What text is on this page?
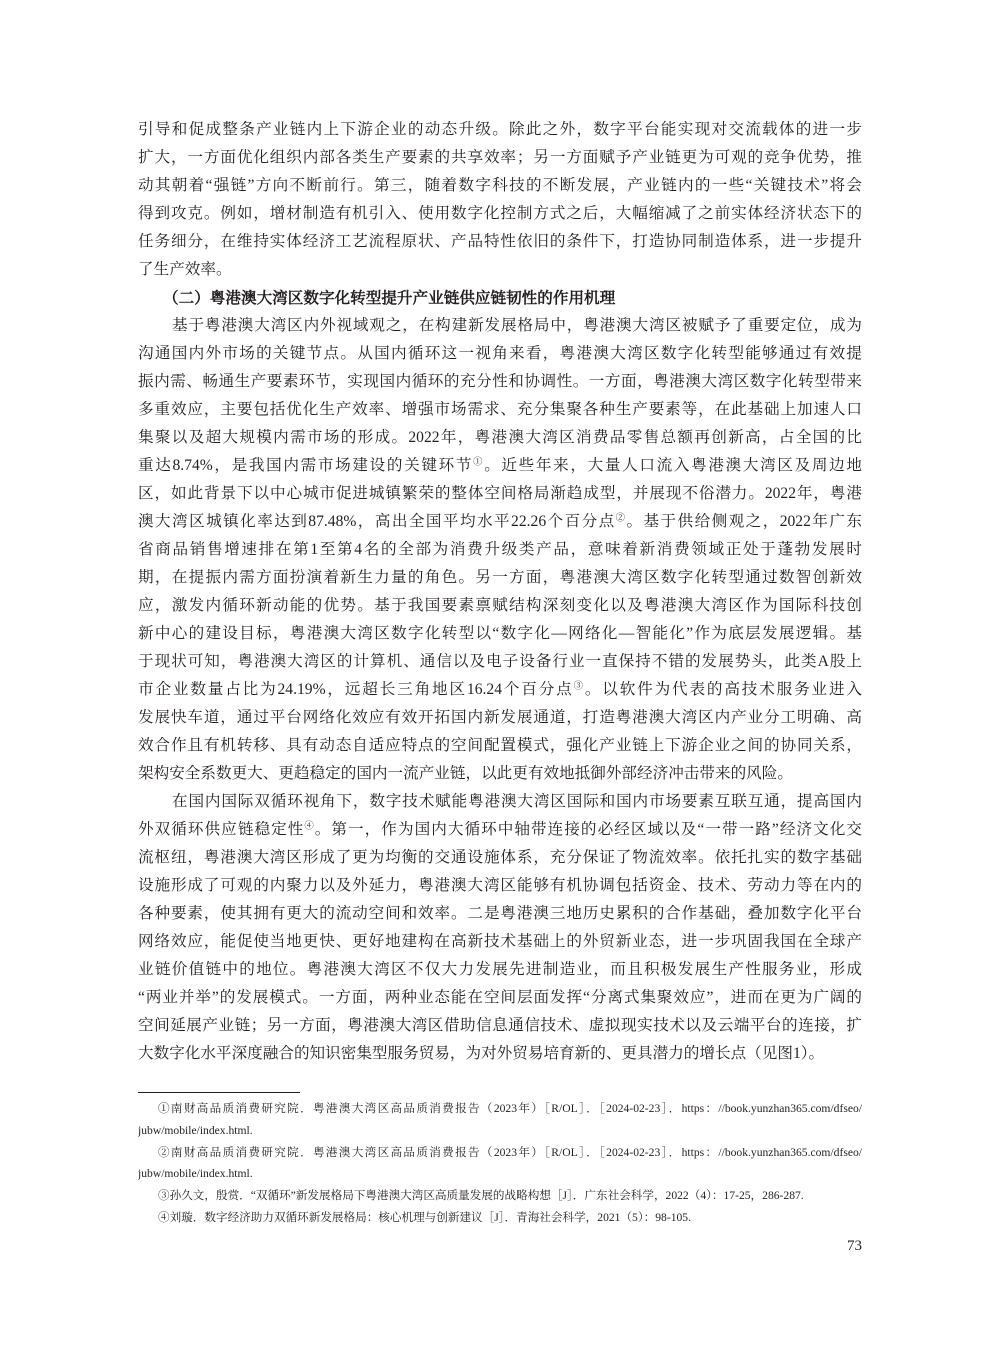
引导和促成整条产业链内上下游企业的动态升级。除此之外，数字平台能实现对交流载体的进一步
扩大，一方面优化组织内部各类生产要素的共享效率；另一方面赋予产业链更为可观的竞争优势，推
动其朝着“强链”方向不断前行。第三，随着数字科技的不断发展，产业链内的一些“关键技术”将会
得到攻克。例如，增材制造有机引入、使用数字化控制方式之后，大幅缩减了之前实体经济状态下的
任务细分，在维持实体经济工艺流程原状、产品特性依旧的条件下，打造协同制造体系，进一步提升
了生产效率。
（二）粤港澳大湾区数字化转型提升产业链供应链韧性的作用机理
基于粤港澳大湾区内外视域观之，在构建新发展格局中，粤港澳大湾区被赋予了重要定位，成为
沟通国内外市场的关键节点。从国内循环这一视角来看，粤港澳大湾区数字化转型能够通过有效提
振内需、畅通生产要素环节，实现国内循环的充分性和协调性。一方面，粤港澳大湾区数字化转型带来
多重效应，主要包括优化生产效率、增强市场需求、充分集聚各种生产要素等，在此基础上加速人口
集聚以及超大规模内需市场的形成。2022年，粤港澳大湾区消费品零售总额再创新高，占全国的比
重达8.74%，是我国内需市场建设的关键环节①。近些年来，大量人口流入粤港澳大湾区及周边地
区，如此背景下以中心城市促进城镇繁荣的整体空间格局渐趋成型，并展现不俗潜力。2022年，粤港
澳大湾区城镇化率达到87.48%，高出全国平均水平22.26个百分点②。基于供给侧观之，2022年广东
省商品销售增速排在第1至第4名的全部为消费升级类产品，意味着新消费领域正处于蓬勃发展时
期，在提振内需方面扮演着新生力量的角色。另一方面，粤港澳大湾区数字化转型通过数智创新效
应，激发内循环新动能的优势。基于我国要素禀赋结构深刻变化以及粤港澳大湾区作为国际科技创
新中心的建设目标，粤港澳大湾区数字化转型以“数字化—网络化—智能化”作为底层发展逻辑。基
于现状可知，粤港澳大湾区的计算机、通信以及电子设备行业一直保持不错的发展势头，此类A股上
市企业数量占比为24.19%，远超长三角地区16.24个百分点③。以软件为代表的高技术服务业进入
发展快车道，通过平台网络化效应有效开拓国内新发展通道，打造粤港澳大湾区内产业分工明确、高
效合作且有机转移、具有动态自适应特点的空间配置模式，强化产业链上下游企业之间的协同关系，
架构安全系数更大、更趋稳定的国内一流产业链，以此更有效地抵御外部经济冲击带来的风险。
在国内国际双循环视角下，数字技术赋能粤港澳大湾区国际和国内市场要素互联互通，提高国内
外双循环供应链稳定性④。第一，作为国内大循环中轴带连接的必经区域以及“一带一路”经济文化交
流枢纽，粤港澳大湾区形成了更为均衡的交通设施体系，充分保证了物流效率。依托扎实的数字基础
设施形成了可观的内聚力以及外延力，粤港澳大湾区能够有机协调包括资金、技术、劳动力等在内的
各种要素，使其拥有更大的流动空间和效率。二是粤港澳三地历史累积的合作基础，叠加数字化平台
网络效应，能促使当地更快、更好地建构在高新技术基础上的外贸新业态，进一步巩固我国在全球产
业链价值链中的地位。粤港澳大湾区不仅大力发展先进制造业，而且积极发展生产性服务业，形成
“两业并举”的发展模式。一方面，两种业态能在空间层面发挥“分离式集聚效应”，进而在更为广阔的
空间延展产业链；另一方面，粤港澳大湾区借助信息通信技术、虚拟现实技术以及云端平台的连接，扩
大数字化水平深度融合的知识密集型服务贸易，为对外贸易培育新的、更具潜力的增长点（见图1）。
①南财高品质消费研究院．粤港澳大湾区高品质消费报告（2023年）［R/OL］．［2024-02-23］．https：//book.yunzhan365.com/dfseo/
jubw/mobile/index.html.
②南财高品质消费研究院．粤港澳大湾区高品质消费报告（2023年）［R/OL］．［2024-02-23］．https：//book.yunzhan365.com/dfseo/
jubw/mobile/index.html.
③孙久文，殷赏．“双循环”新发展格局下粤港澳大湾区高质量发展的战略构想［J］．广东社会科学，2022（4）：17-25，286-287.
④刘璇．数字经济助力双循环新发展格局：核心机理与创新建议［J］．青海社会科学，2021（5）：98-105.
73
